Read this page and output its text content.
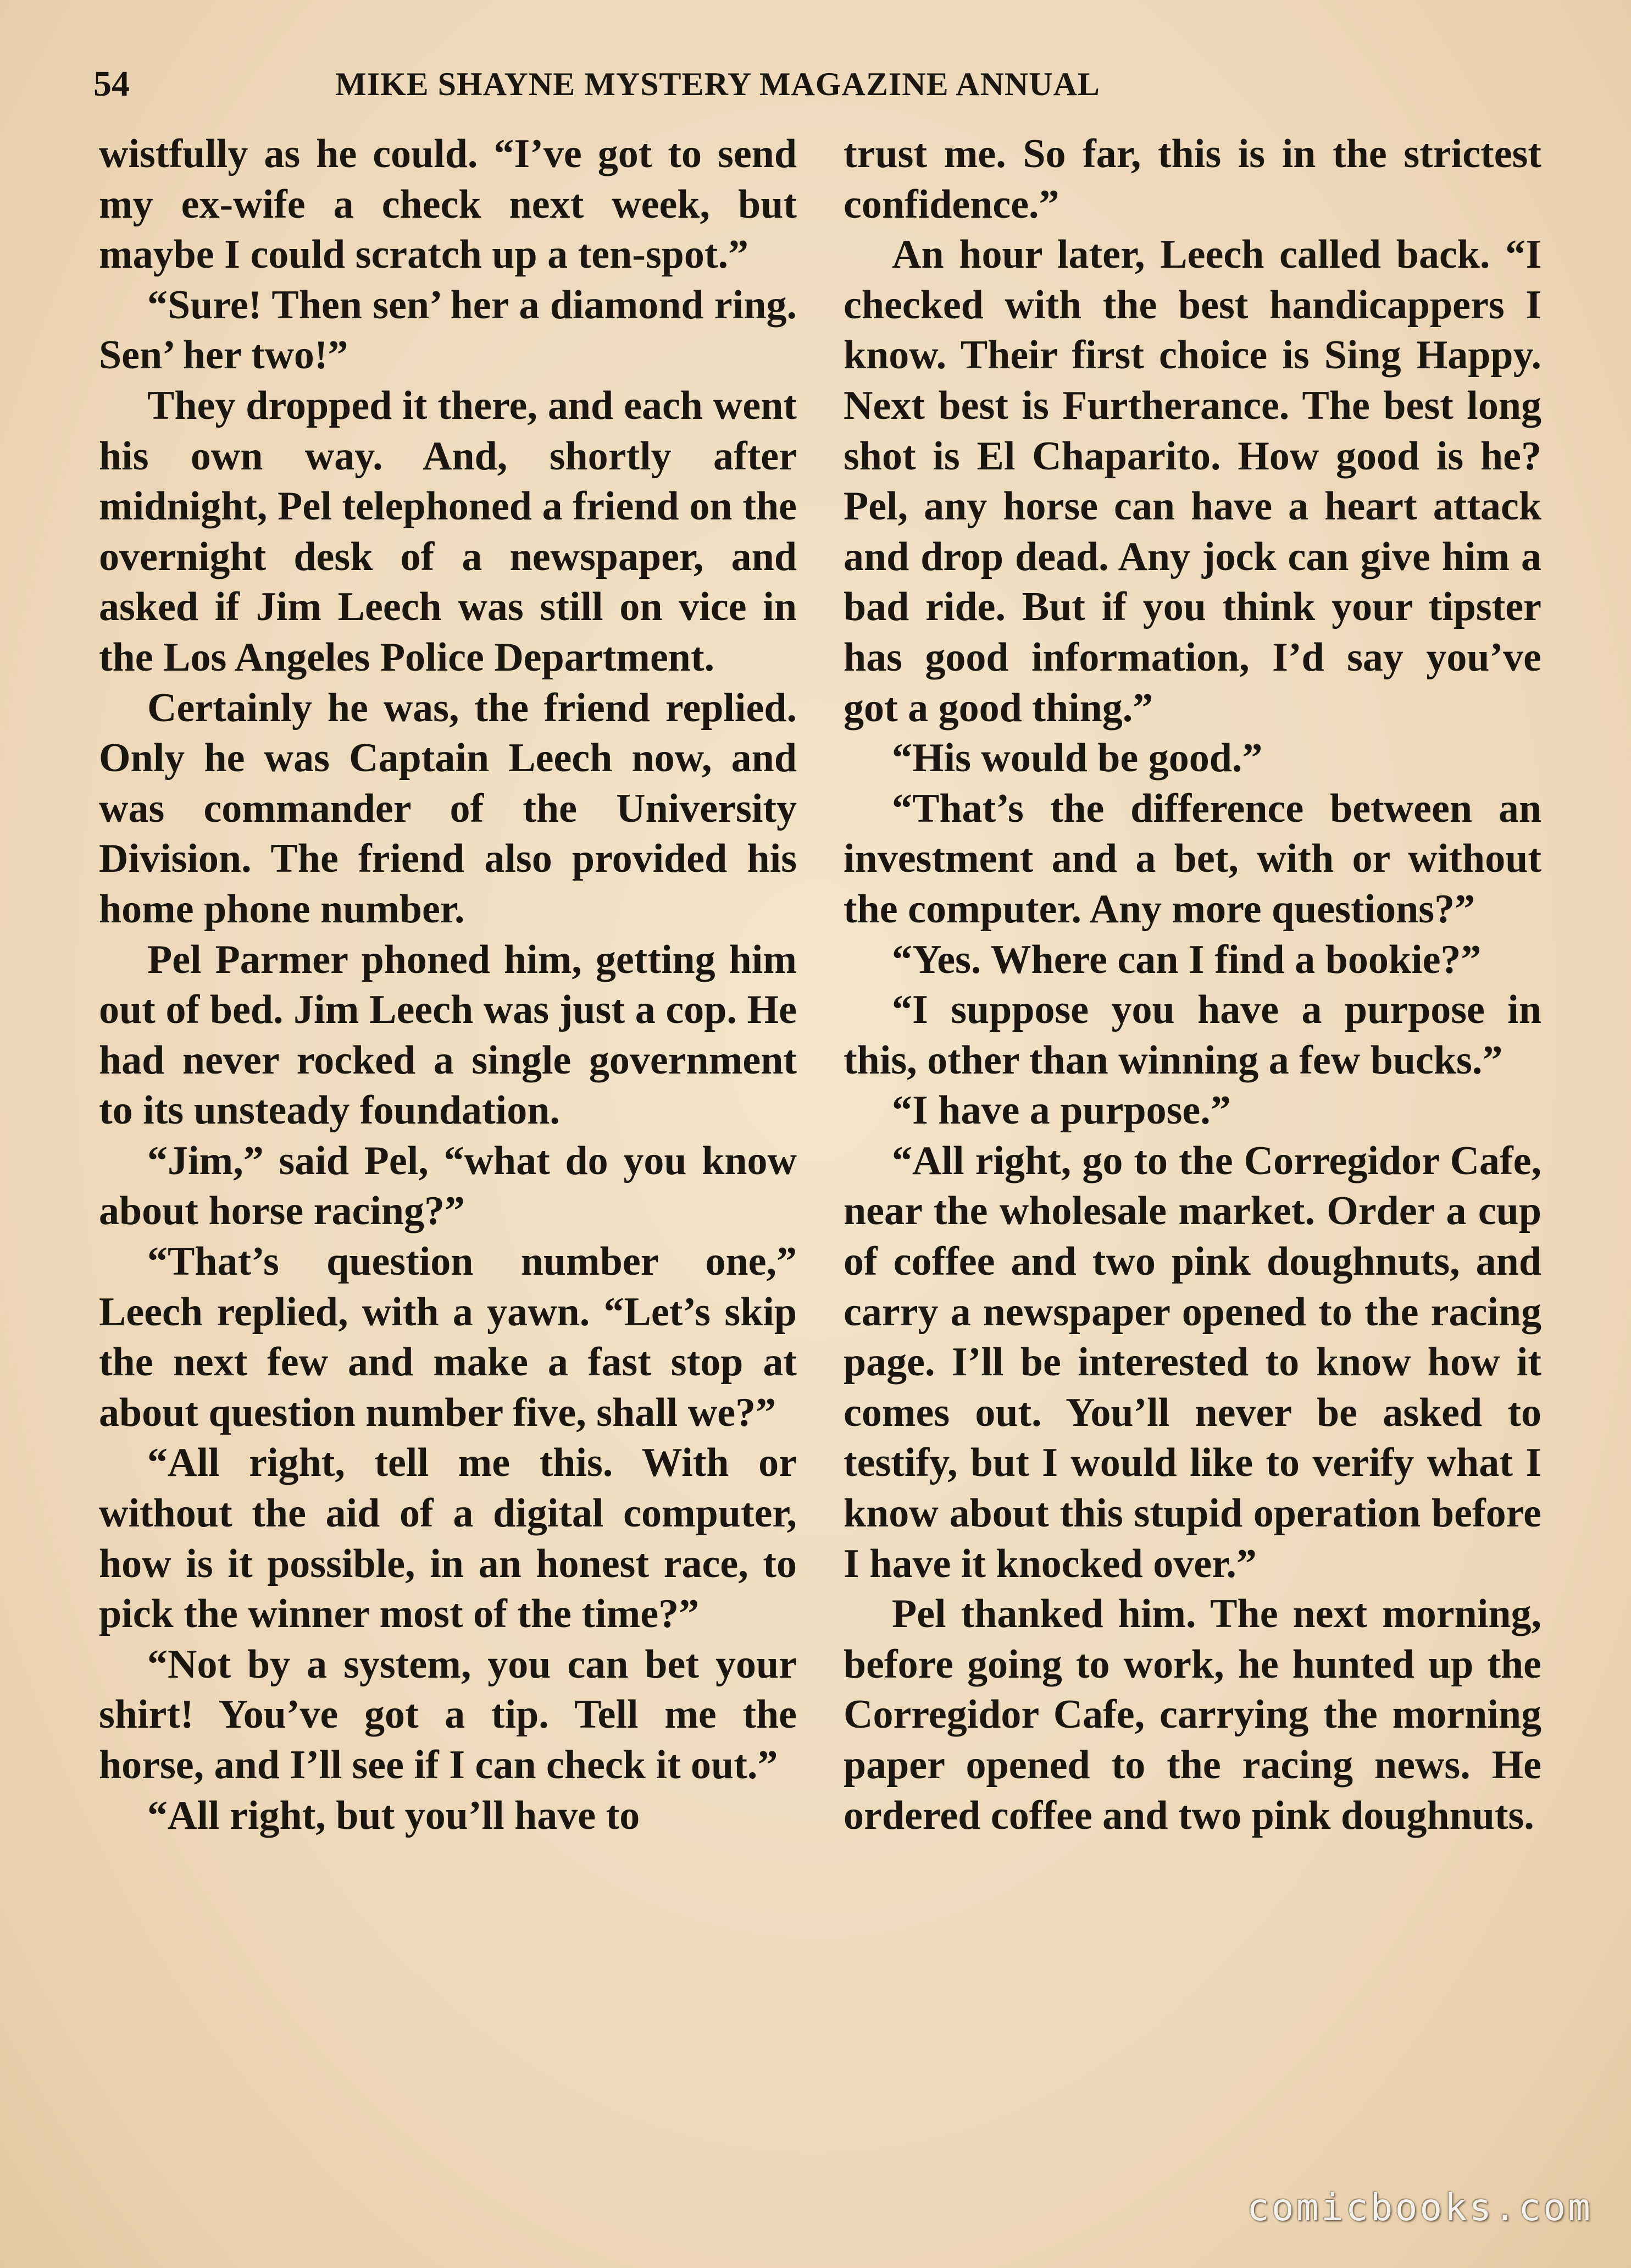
54	MIKE SHAYNE MYSTERY MAGAZINE ANNUAL

wistfully as he could. “I’ve got to send my ex-wife a check next week, but maybe I could scratch up a ten-spot.”

“Sure! Then sen’ her a diamond ring. Sen’ her two!”

They dropped it there, and each went his own way. And, shortly after midnight, Pel telephoned a friend on the overnight desk of a newspaper, and asked if Jim Leech was still on vice in the Los Angeles Police Department.

Certainly he was, the friend replied. Only he was Captain Leech now, and was commander of the University Division. The friend also provided his home phone number.

Pel Parmer phoned him, getting him out of bed. Jim Leech was just a cop. He had never rocked a single government to its unsteady foundation.

“Jim,” said Pel, “what do you know about horse racing?”

“That’s question number one,” Leech replied, with a yawn. “Let’s skip the next few and make a fast stop at about question number five, shall we?”

“All right, tell me this. With or without the aid of a digital computer, how is it possible, in an honest race, to pick the winner most of the time?”

“Not by a system, you can bet your shirt! You’ve got a tip. Tell me the horse, and I’ll see if I can check it out.”

“All right, but you’ll have to

trust me. So far, this is in the strictest confidence.”

An hour later, Leech called back. “I checked with the best handicappers I know. Their first choice is Sing Happy. Next best is Furtherance. The best long shot is El Chaparito. How good is he? Pel, any horse can have a heart attack and drop dead. Any jock can give him a bad ride. But if you think your tipster has good information, I’d say you’ve got a good thing.”

“His would be good.”

“That’s the difference between an investment and a bet, with or without the computer. Any more questions?”

“Yes. Where can I find a bookie?”

“I suppose you have a purpose in this, other than winning a few bucks.”

“I have a purpose.”

“All right, go to the Corregidor Cafe, near the wholesale market. Order a cup of coffee and two pink doughnuts, and carry a newspaper opened to the racing page. I’ll be interested to know how it comes out. You’ll never be asked to testify, but I would like to verify what I know about this stupid operation before I have it knocked over.”

Pel thanked him. The next morning, before going to work, he hunted up the Corregidor Cafe, carrying the morning paper opened to the racing news. He ordered coffee and two pink doughnuts.

comicbooks.com
